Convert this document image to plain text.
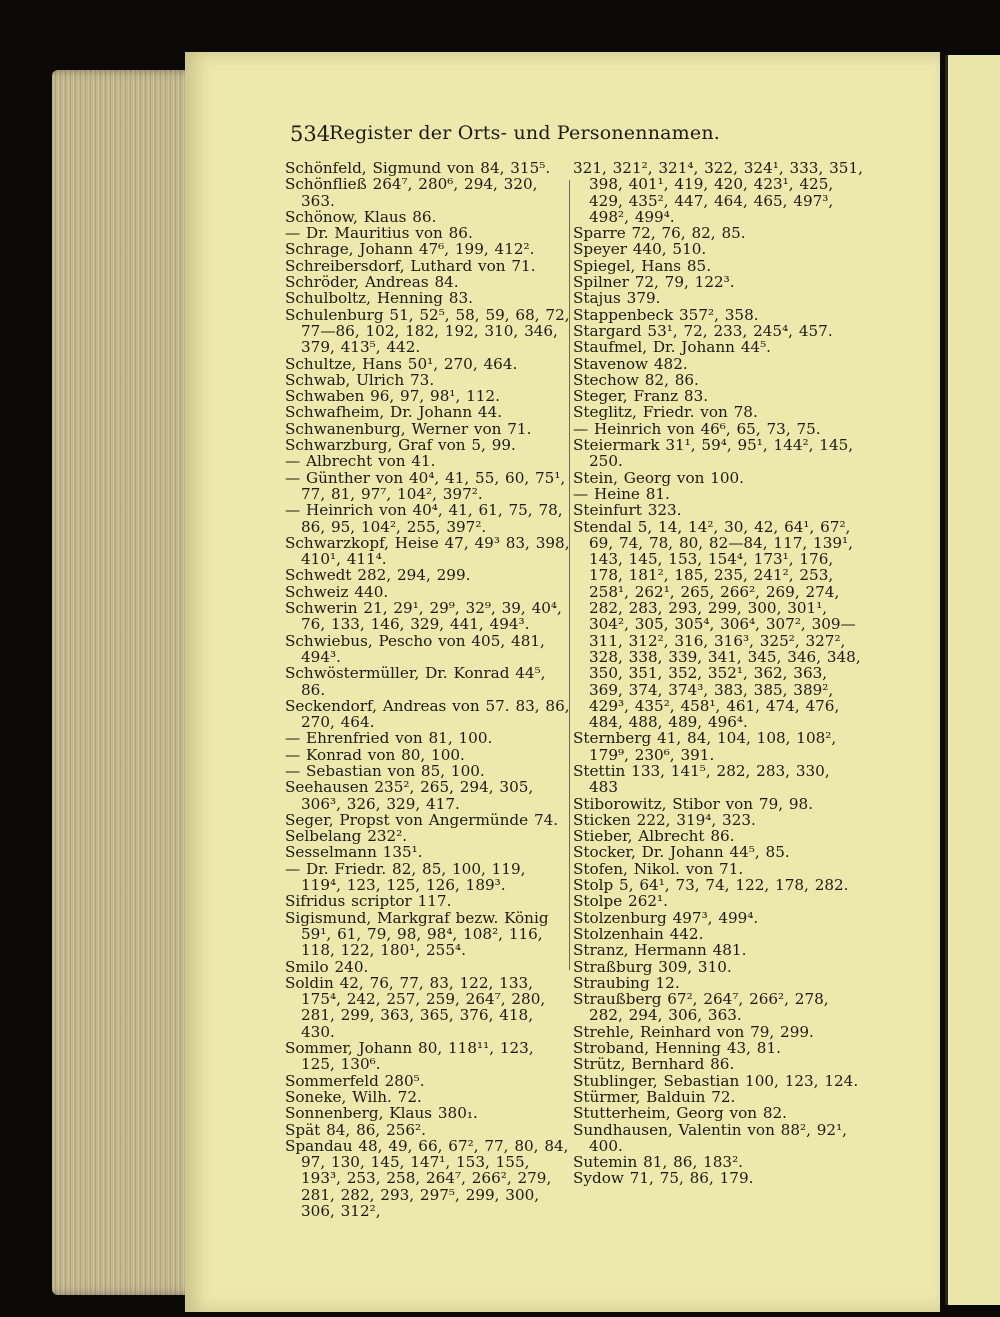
534
Register der Orts- und Personennamen.
Schönfeld, Sigmund von 84, 315⁵.
Schönfließ 264⁷, 280⁶, 294, 320, 363.
Schönow, Klaus 86.
— Dr. Mauritius von 86.
Schrage, Johann 47⁶, 199, 412².
Schreibersdorf, Luthard von 71.
Schröder, Andreas 84.
Schulboltz, Henning 83.
Schulenburg 51, 52⁵, 58, 59, 68, 72, 77—86, 102, 182, 192, 310, 346, 379, 413⁵, 442.
Schultze, Hans 50¹, 270, 464.
Schwab, Ulrich 73.
Schwaben 96, 97, 98¹, 112.
Schwafheim, Dr. Johann 44.
Schwanenburg, Werner von 71.
Schwarzburg, Graf von 5, 99.
— Albrecht von 41.
— Günther von 40⁴, 41, 55, 60, 75¹, 77, 81, 97⁷, 104², 397².
— Heinrich von 40⁴, 41, 61, 75, 78, 86, 95, 104², 255, 397².
Schwarzkopf, Heise 47, 49³ 83, 398, 410¹, 411⁴.
Schwedt 282, 294, 299.
Schweiz 440.
Schwerin 21, 29¹, 29⁹, 32⁹, 39, 40⁴, 76, 133, 146, 329, 441, 494³.
Schwiebus, Pescho von 405, 481, 494³.
Schwöstermüller, Dr. Konrad 44⁵, 86.
Seckendorf, Andreas von 57. 83, 86, 270, 464.
— Ehrenfried von 81, 100.
— Konrad von 80, 100.
— Sebastian von 85, 100.
Seehausen 235², 265, 294, 305, 306³, 326, 329, 417.
Seger, Propst von Angermünde 74.
Selbelang 232².
Sesselmann 135¹.
— Dr. Friedr. 82, 85, 100, 119, 119⁴, 123, 125, 126, 189³.
Sifridus scriptor 117.
Sigismund, Markgraf bezw. König 59¹, 61, 79, 98, 98⁴, 108², 116, 118, 122, 180¹, 255⁴.
Smilo 240.
Soldin 42, 76, 77, 83, 122, 133, 175⁴, 242, 257, 259, 264⁷, 280, 281, 299, 363, 365, 376, 418, 430.
Sommer, Johann 80, 118¹¹, 123, 125, 130⁶.
Sommerfeld 280⁵.
Soneke, Wilh. 72.
Sonnenberg, Klaus 380₁.
Spät 84, 86, 256².
Spandau 48, 49, 66, 67², 77, 80, 84, 97, 130, 145, 147¹, 153, 155, 193³, 253, 258, 264⁷, 266², 279, 281, 282, 293, 297⁵, 299, 300, 306, 312²,
321, 321², 321⁴, 322, 324¹, 333, 351, 398, 401¹, 419, 420, 423¹, 425, 429, 435², 447, 464, 465, 497³, 498², 499⁴.
Sparre 72, 76, 82, 85.
Speyer 440, 510.
Spiegel, Hans 85.
Spilner 72, 79, 122³.
Stajus 379.
Stappenbeck 357², 358.
Stargard 53¹, 72, 233, 245⁴, 457.
Staufmel, Dr. Johann 44⁵.
Stavenow 482.
Stechow 82, 86.
Steger, Franz 83.
Steglitz, Friedr. von 78.
— Heinrich von 46⁶, 65, 73, 75.
Steiermark 31¹, 59⁴, 95¹, 144², 145, 250.
Stein, Georg von 100.
— Heine 81.
Steinfurt 323.
Stendal 5, 14, 14², 30, 42, 64¹, 67², 69, 74, 78, 80, 82—84, 117, 139¹, 143, 145, 153, 154⁴, 173¹, 176, 178, 181², 185, 235, 241², 253, 258¹, 262¹, 265, 266², 269, 274, 282, 283, 293, 299, 300, 301¹, 304², 305, 305⁴, 306⁴, 307², 309—311, 312², 316, 316³, 325², 327², 328, 338, 339, 341, 345, 346, 348, 350, 351, 352, 352¹, 362, 363, 369, 374, 374³, 383, 385, 389², 429³, 435², 458¹, 461, 474, 476, 484, 488, 489, 496⁴.
Sternberg 41, 84, 104, 108, 108², 179⁹, 230⁶, 391.
Stettin 133, 141⁵, 282, 283, 330, 483
Stiborowitz, Stibor von 79, 98.
Sticken 222, 319⁴, 323.
Stieber, Albrecht 86.
Stocker, Dr. Johann 44⁵, 85.
Stofen, Nikol. von 71.
Stolp 5, 64¹, 73, 74, 122, 178, 282.
Stolpe 262¹.
Stolzenburg 497³, 499⁴.
Stolzenhain 442.
Stranz, Hermann 481.
Straßburg 309, 310.
Straubing 12.
Straußberg 67², 264⁷, 266², 278, 282, 294, 306, 363.
Strehle, Reinhard von 79, 299.
Stroband, Henning 43, 81.
Strütz, Bernhard 86.
Stublinger, Sebastian 100, 123, 124.
Stürmer, Balduin 72.
Stutterheim, Georg von 82.
Sundhausen, Valentin von 88², 92¹, 400.
Sutemin 81, 86, 183².
Sydow 71, 75, 86, 179.
